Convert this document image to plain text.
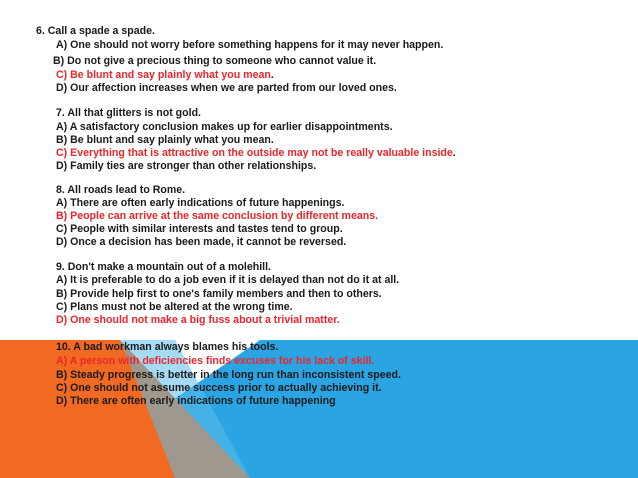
6. Call a spade a spade.
A) One should not worry before something happens for it may never happen.
B) Do not give a precious thing to someone who cannot value it.
C) Be blunt and say plainly what you mean.
D) Our affection increases when we are parted from our loved ones.
7. All that glitters is not gold.
A) A satisfactory conclusion makes up for earlier disappointments.
B) Be blunt and say plainly what you mean.
C) Everything that is attractive on the outside may not be really valuable inside.
D) Family ties are stronger than other relationships.
8. All roads lead to Rome.
A) There are often early indications of future happenings.
B) People can arrive at the same conclusion by different means.
C) People with similar interests and tastes tend to group.
D) Once a decision has been made, it cannot be reversed.
9. Don't make a mountain out of a molehill.
A) It is preferable to do a job even if it is delayed than not do it at all.
B) Provide help first to one's family members and then to others.
C) Plans must not be altered at the wrong time.
D) One should not make a big fuss about a trivial matter.
10. A bad workman always blames his tools.
A) A person with deficiencies finds excuses for his lack of skill.
B) Steady progress is better in the long run than inconsistent speed.
C) One should not assume success prior to actually achieving it.
D) There are often early indications of future happening
